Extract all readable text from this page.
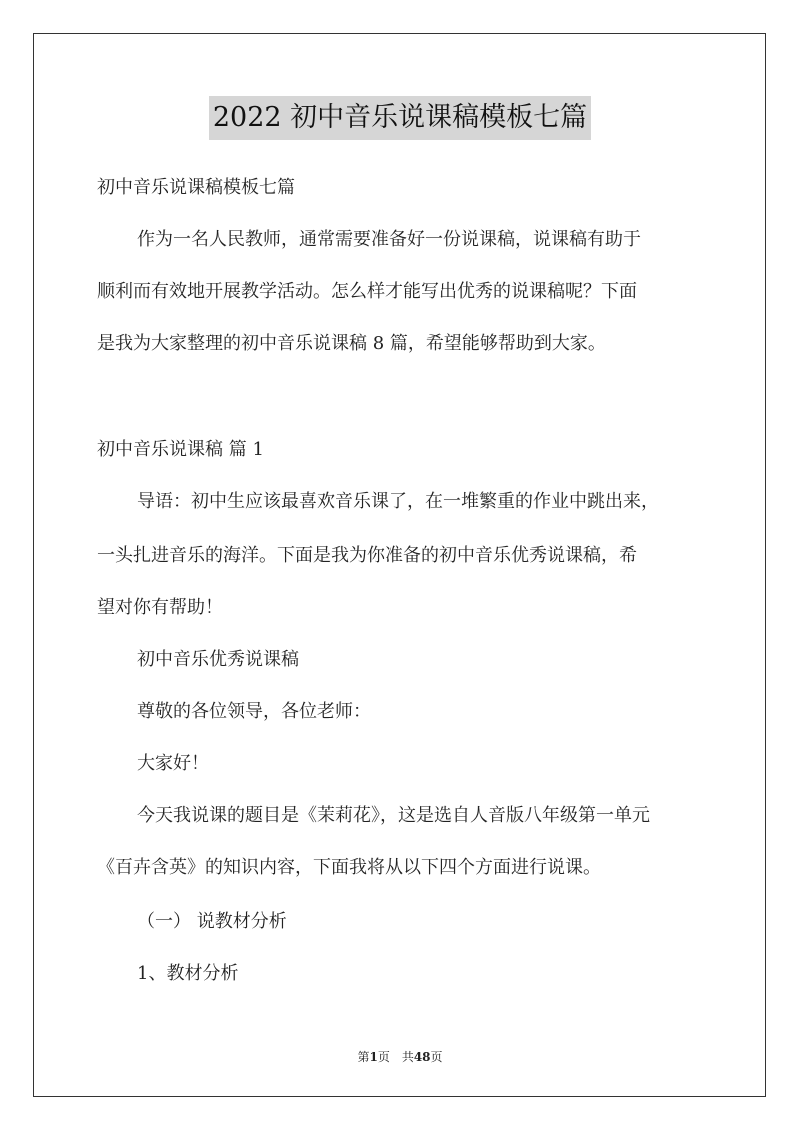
2022 初中音乐说课稿模板七篇
初中音乐说课稿模板七篇
作为一名人民教师，通常需要准备好一份说课稿，说课稿有助于
顺利而有效地开展教学活动。怎么样才能写出优秀的说课稿呢？下面
是我为大家整理的初中音乐说课稿 8 篇，希望能够帮助到大家。
初中音乐说课稿 篇 1
导语：初中生应该最喜欢音乐课了，在一堆繁重的作业中跳出来，
一头扎进音乐的海洋。下面是我为你准备的初中音乐优秀说课稿，希
望对你有帮助！
初中音乐优秀说课稿
尊敬的各位领导，各位老师：
大家好！
今天我说课的题目是《茉莉花》，这是选自人音版八年级第一单元
《百卉含英》的知识内容，下面我将从以下四个方面进行说课。
（一） 说教材分析
1、教材分析
第1页　共48页
